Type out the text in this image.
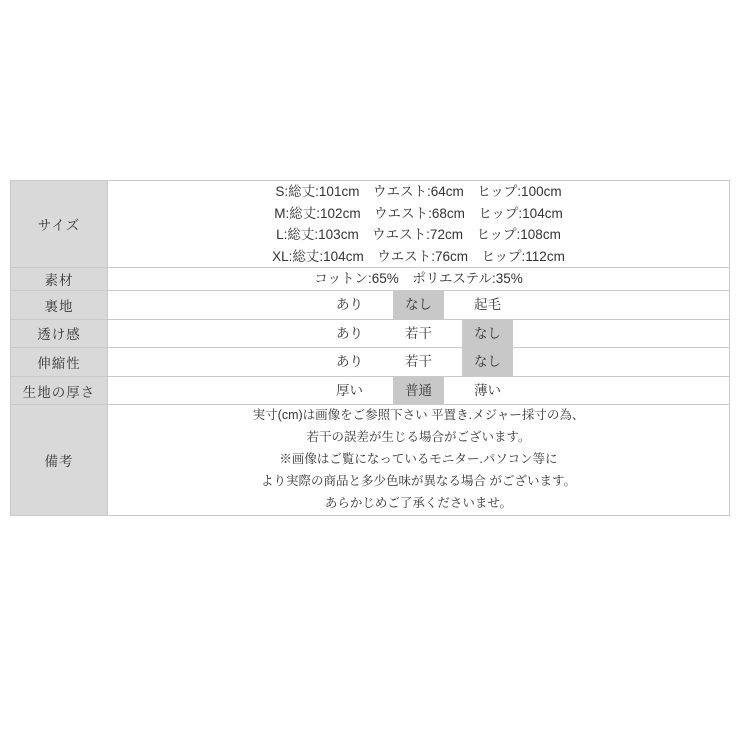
サイズ	S:総丈:101cm　ウエスト:64cm　ヒップ:100cm
M:総丈:102cm　ウエスト:68cm　ヒップ:104cm
L:総丈:103cm　ウエスト:72cm　ヒップ:108cm
XL:総丈:104cm　ウエスト:76cm　ヒップ:112cm

素材	コットン:65%　ポリエステル:35%

裏地	あり なし 起毛

透け感	あり 若干 なし

伸縮性	あり 若干 なし

生地の厚さ	厚い 普通 薄い

備考	実寸(cm)は画像をご参照下さい 平置き.メジャー採寸の為、
若干の誤差が生じる場合がございます。
※画像はご覧になっているモニター.パソコン等に
より実際の商品と多少色味が異なる場合 がございます。
あらかじめご了承くださいませ。
